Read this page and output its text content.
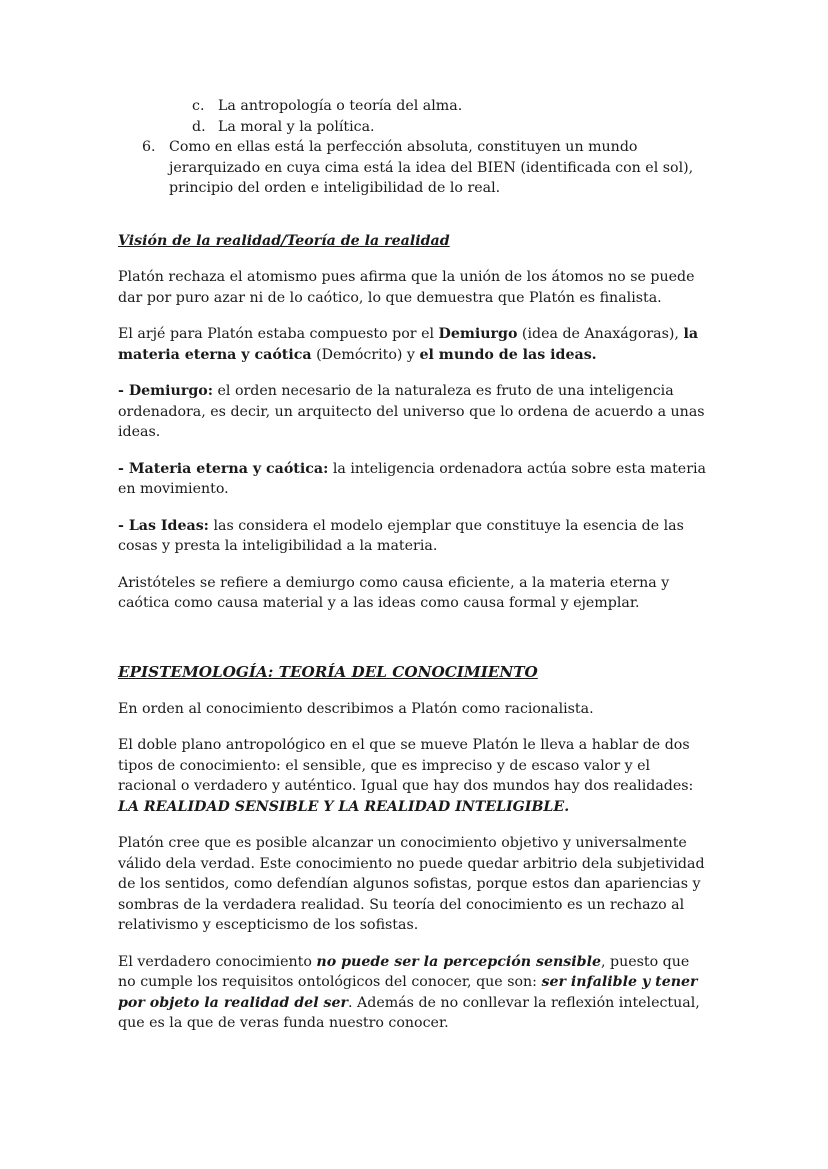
c. La antropología o teoría del alma.

d. La moral y la política.

6. Como en ellas está la perfección absoluta, constituyen un mundo jerarquizado en cuya cima está la idea del BIEN (identificada con el sol), principio del orden e inteligibilidad de lo real.

Visión de la realidad/Teoría de la realidad

Platón rechaza el atomismo pues afirma que la unión de los átomos no se puede dar por puro azar ni de lo caótico, lo que demuestra que Platón es finalista.

El arjé para Platón estaba compuesto por el Demiurgo (idea de Anaxágoras), la materia eterna y caótica (Demócrito) y el mundo de las ideas.

- Demiurgo: el orden necesario de la naturaleza es fruto de una inteligencia ordenadora, es decir, un arquitecto del universo que lo ordena de acuerdo a unas ideas.

- Materia eterna y caótica: la inteligencia ordenadora actúa sobre esta materia en movimiento.

- Las Ideas: las considera el modelo ejemplar que constituye la esencia de las cosas y presta la inteligibilidad a la materia.

Aristóteles se refiere a demiurgo como causa eficiente, a la materia eterna y caótica como causa material y a las ideas como causa formal y ejemplar.

EPISTEMOLOGÍA: TEORÍA DEL CONOCIMIENTO

En orden al conocimiento describimos a Platón como racionalista.

El doble plano antropológico en el que se mueve Platón le lleva a hablar de dos tipos de conocimiento: el sensible, que es impreciso y de escaso valor y el racional o verdadero y auténtico. Igual que hay dos mundos hay dos realidades: LA REALIDAD SENSIBLE Y LA REALIDAD INTELIGIBLE.

Platón cree que es posible alcanzar un conocimiento objetivo y universalmente válido dela verdad. Este conocimiento no puede quedar arbitrio dela subjetividad de los sentidos, como defendían algunos sofistas, porque estos dan apariencias y sombras de la verdadera realidad. Su teoría del conocimiento es un rechazo al relativismo y escepticismo de los sofistas.

El verdadero conocimiento no puede ser la percepción sensible, puesto que no cumple los requisitos ontológicos del conocer, que son: ser infalible y tener por objeto la realidad del ser. Además de no conllevar la reflexión intelectual, que es la que de veras funda nuestro conocer.
